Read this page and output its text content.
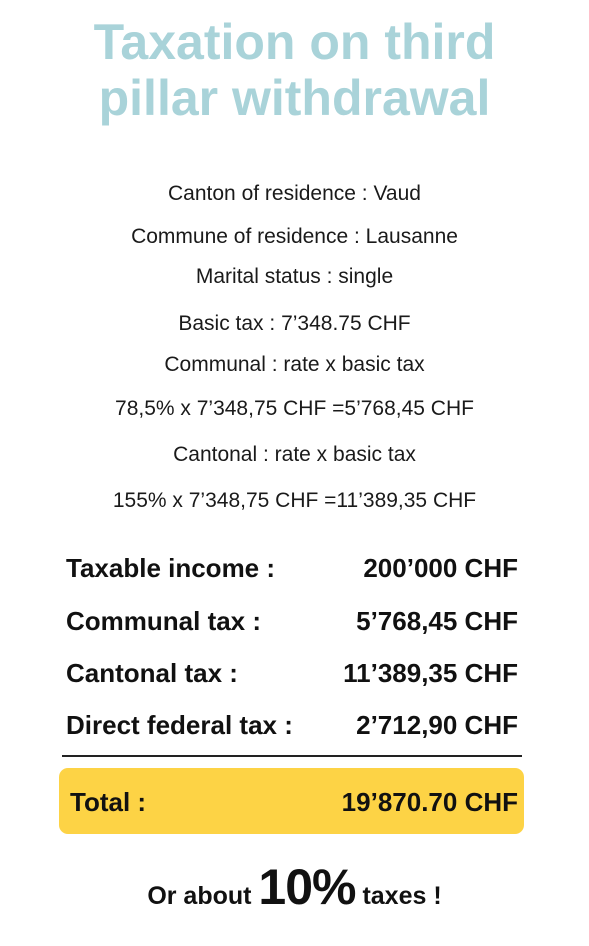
Taxation on third
pillar withdrawal
Canton of residence : Vaud
Commune of residence : Lausanne
Marital status : single
Basic tax : 7’348.75 CHF
Communal : rate x basic tax
78,5% x 7’348,75 CHF =5’768,45 CHF
Cantonal : rate x basic tax
155% x 7’348,75 CHF =11’389,35 CHF
Taxable income :	200’000 CHF
Communal tax :	5’768,45 CHF
Cantonal tax :	11’389,35 CHF
Direct federal tax : 2’712,90 CHF
Total :	19’870.70 CHF
Or about 10% taxes !
